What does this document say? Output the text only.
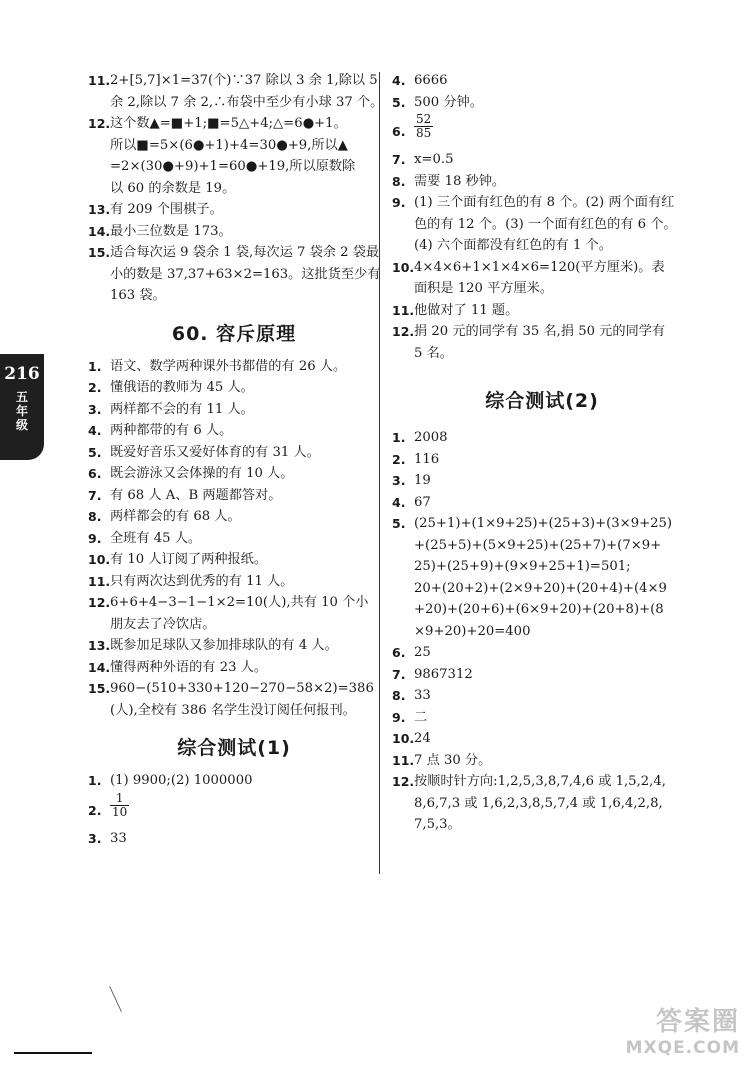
216
五年级
11. 2+[5,7]×1=37(个)∵37 除以 3 余 1,除以 5
余 2,除以 7 余 2,∴布袋中至少有小球 37 个。
12. 这个数▲=■+1;■=5△+4;△=6●+1。
所以■=5×(6●+1)+4=30●+9,所以▲
=2×(30●+9)+1=60●+19,所以原数除
以 60 的余数是 19。
13. 有 209 个围棋子。
14. 最小三位数是 173。
15. 适合每次运 9 袋余 1 袋,每次运 7 袋余 2 袋最
小的数是 37,37+63×2=163。这批货至少有
163 袋。
60. 容斥原理
1. 语文、数学两种课外书都借的有 26 人。
2. 懂俄语的教师为 45 人。
3. 两样都不会的有 11 人。
4. 两种都带的有 6 人。
5. 既爱好音乐又爱好体育的有 31 人。
6. 既会游泳又会体操的有 10 人。
7. 有 68 人 A、B 两题都答对。
8. 两样都会的有 68 人。
9. 全班有 45 人。
10. 有 10 人订阅了两种报纸。
11. 只有两次达到优秀的有 11 人。
12. 6+6+4−3−1−1×2=10(人),共有 10 个小
朋友去了冷饮店。
13. 既参加足球队又参加排球队的有 4 人。
14. 懂得两种外语的有 23 人。
15. 960−(510+330+120−270−58×2)=386
(人),全校有 386 名学生没订阅任何报刊。
综合测试(1)
1. (1) 9900;(2) 1000000
2. $\frac{1}{10}$
3. 33
4. 6666
5. 500 分钟。
6. $\frac{52}{85}$
7. x=0.5
8. 需要 18 秒钟。
9. (1) 三个面有红色的有 8 个。(2) 两个面有红
色的有 12 个。(3) 一个面有红色的有 6 个。
(4) 六个面都没有红色的有 1 个。
10. 4×4×6+1×1×4×6=120(平方厘米)。表
面积是 120 平方厘米。
11. 他做对了 11 题。
12. 捐 20 元的同学有 35 名,捐 50 元的同学有
5 名。
综合测试(2)
1. 2008
2. 116
3. 19
4. 67
5. (25+1)+(1×9+25)+(25+3)+(3×9+25)
+(25+5)+(5×9+25)+(25+7)+(7×9+
25)+(25+9)+(9×9+25+1)=501;
20+(20+2)+(2×9+20)+(20+4)+(4×9
+20)+(20+6)+(6×9+20)+(20+8)+(8
×9+20)+20=400
6. 25
7. 9867312
8. 33
9. 二
10. 24
11. 7 点 30 分。
12. 按顺时针方向:1,2,5,3,8,7,4,6 或 1,5,2,4,
8,6,7,3 或 1,6,2,3,8,5,7,4 或 1,6,4,2,8,
7,5,3。
答案圈
MXQE.COM
